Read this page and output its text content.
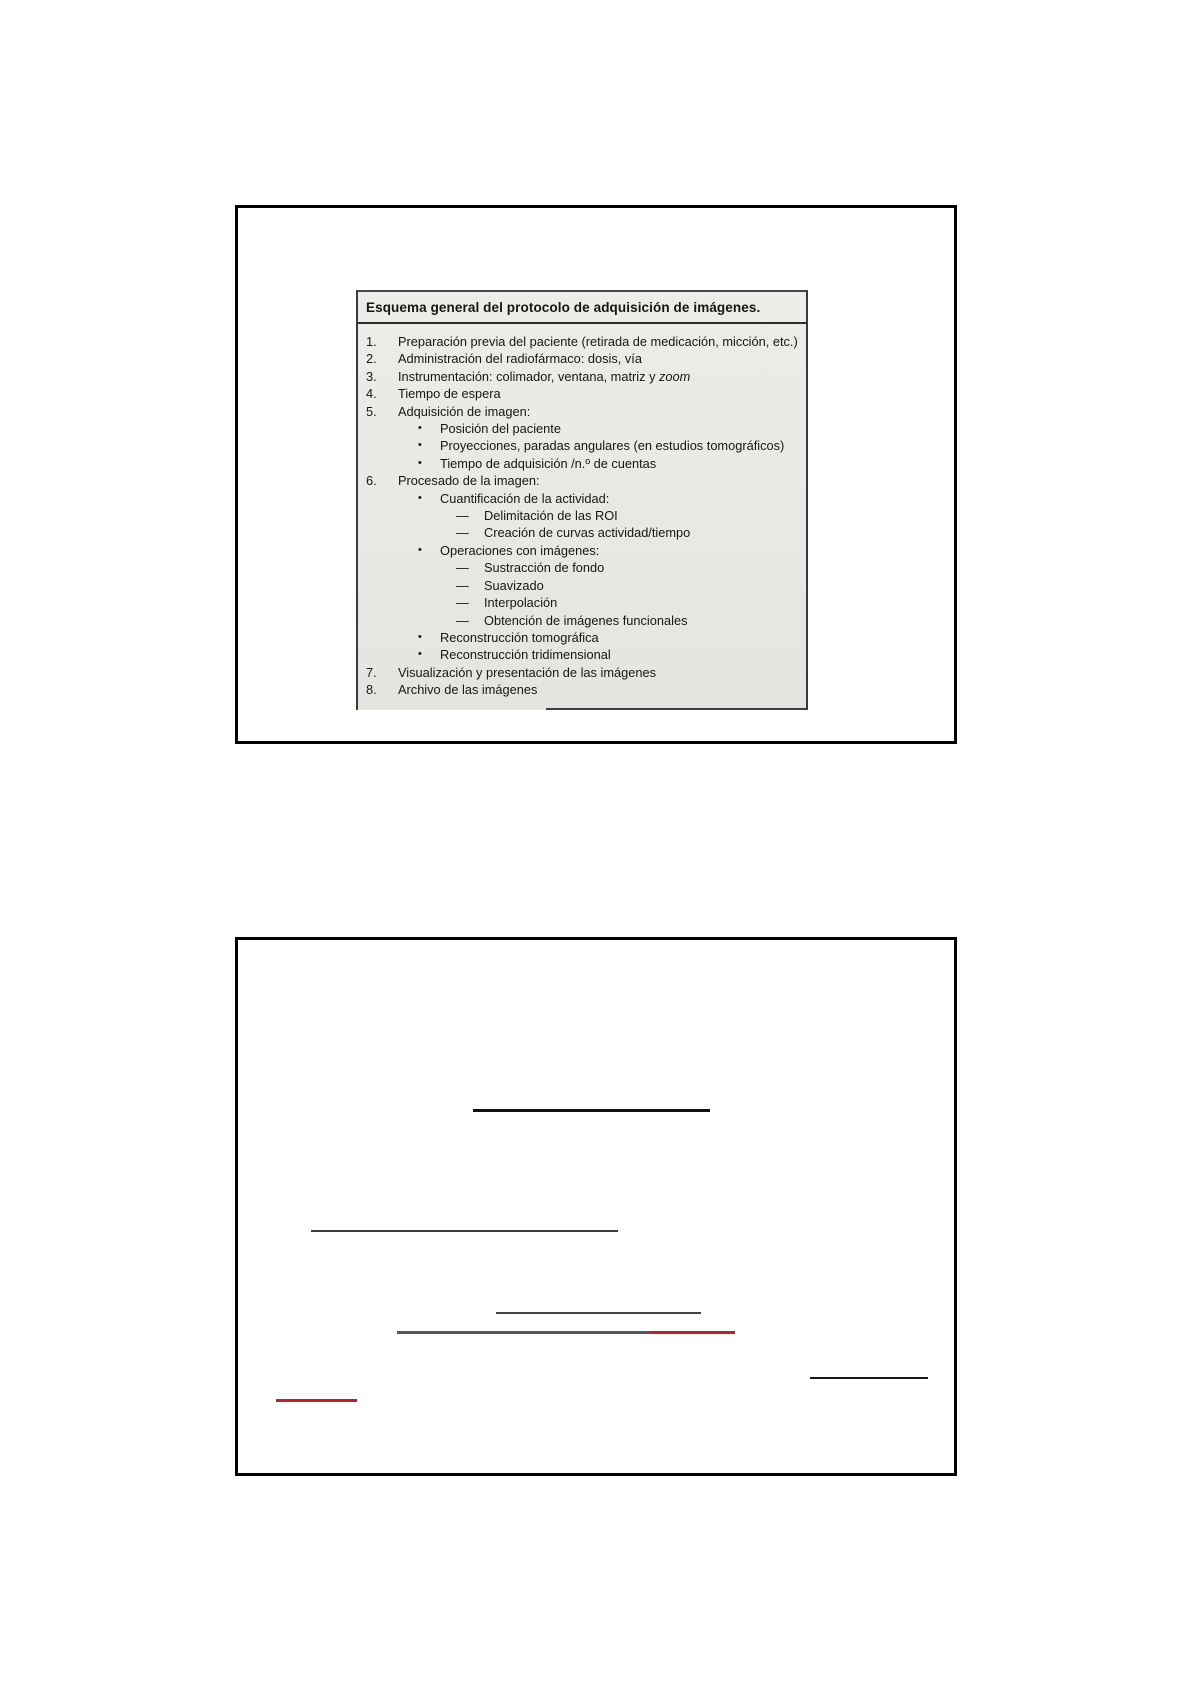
Esquema general del protocolo de adquisición de imágenes.
1.	Preparación previa del paciente (retirada de medicación, micción, etc.)
2.	Administración del radiofármaco: dosis, vía
3.	Instrumentación: colimador, ventana, matriz y zoom
4.	Tiempo de espera
5.	Adquisición de imagen:
•	Posición del paciente
•	Proyecciones, paradas angulares (en estudios tomográficos)
•	Tiempo de adquisición /n.º de cuentas
6.	Procesado de la imagen:
•	Cuantificación de la actividad:
—	Delimitación de las ROI
—	Creación de curvas actividad/tiempo
•	Operaciones con imágenes:
—	Sustracción de fondo
—	Suavizado
—	Interpolación
—	Obtención de imágenes funcionales
•	Reconstrucción tomográfica
•	Reconstrucción tridimensional
7.	Visualización y presentación de las imágenes
8.	Archivo de las imágenes
